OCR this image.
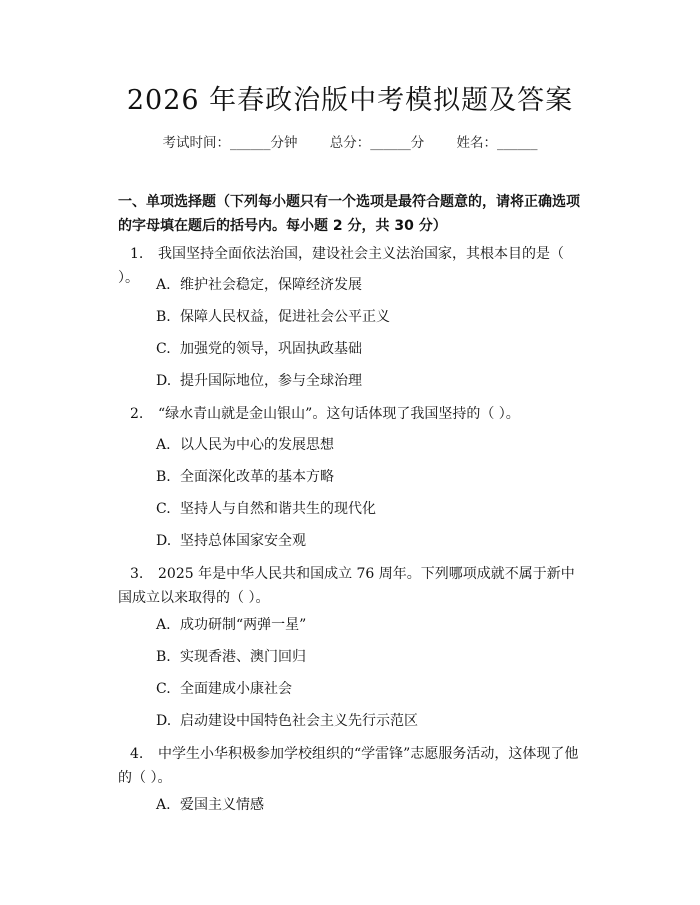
2026 年春政治版中考模拟题及答案
考试时间：______分钟 总分：______分 姓名：______
一、单项选择题（下列每小题只有一个选项是最符合题意的，请将正确选项的字母填在题后的括号内。每小题 2 分，共 30 分）
1. 我国坚持全面依法治国，建设社会主义法治国家，其根本目的是（ ）。	A. 维护社会稳定，保障经济发展
B. 保障人民权益，促进社会公平正义
C. 加强党的领导，巩固执政基础
D. 提升国际地位，参与全球治理
2. “绿水青山就是金山银山”。这句话体现了我国坚持的（ ）。
A. 以人民为中心的发展思想
B. 全面深化改革的基本方略
C. 坚持人与自然和谐共生的现代化
D. 坚持总体国家安全观
3. 2025 年是中华人民共和国成立 76 周年。下列哪项成就不属于新中国成立以来取得的（ ）。
A. 成功研制“两弹一星”
B. 实现香港、澳门回归
C. 全面建成小康社会
D. 启动建设中国特色社会主义先行示范区
4. 中学生小华积极参加学校组织的“学雷锋”志愿服务活动，这体现了他的（ ）。
A. 爱国主义情感
